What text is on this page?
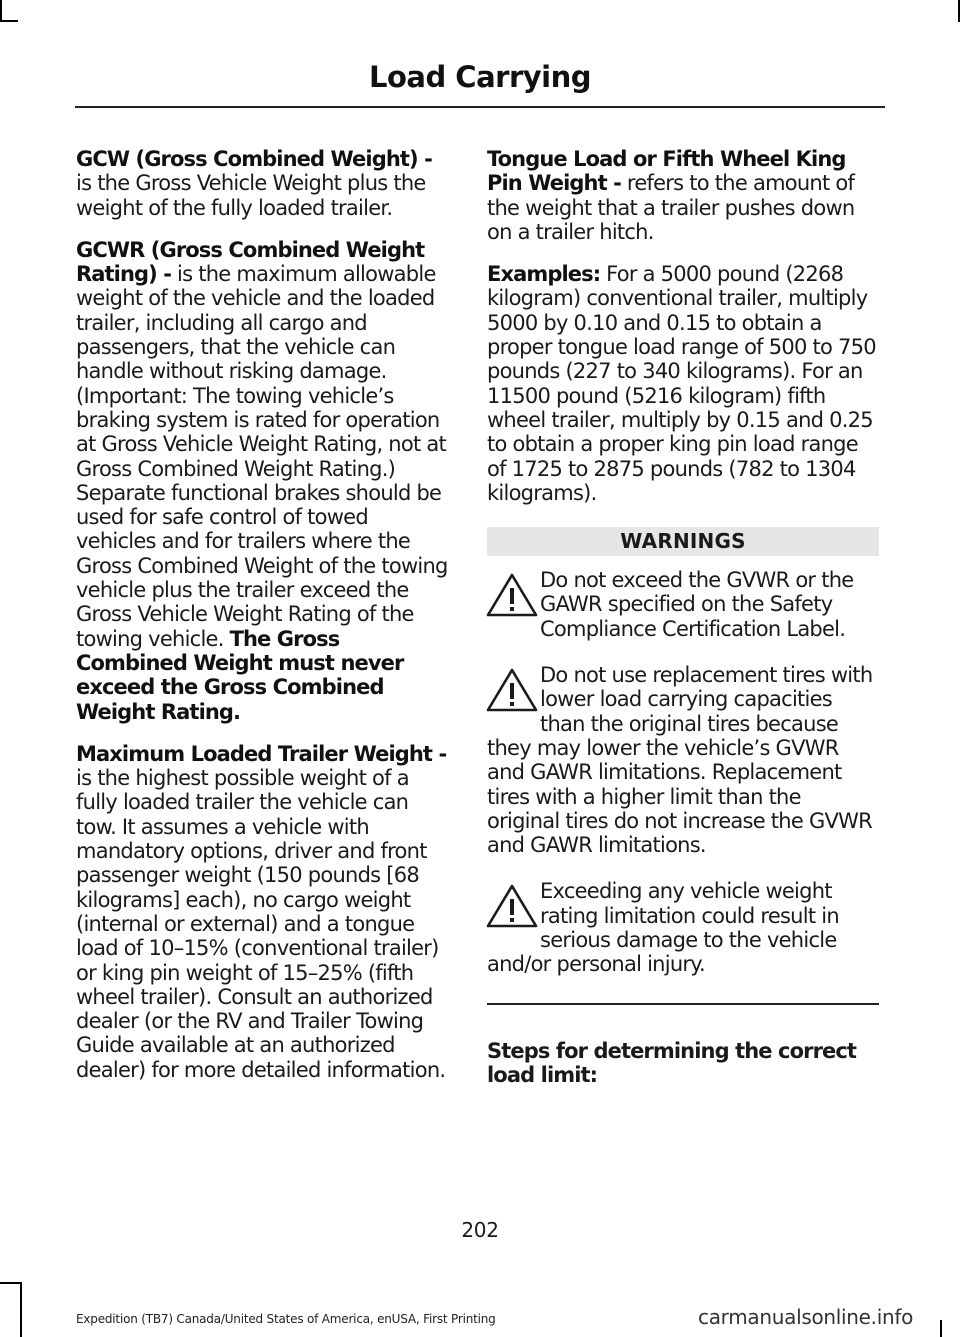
Load Carrying

GCW (Gross Combined Weight) - is the Gross Vehicle Weight plus the weight of the fully loaded trailer.

GCWR (Gross Combined Weight Rating) - is the maximum allowable weight of the vehicle and the loaded trailer, including all cargo and passengers, that the vehicle can handle without risking damage. (Important: The towing vehicle’s braking system is rated for operation at Gross Vehicle Weight Rating, not at Gross Combined Weight Rating.) Separate functional brakes should be used for safe control of towed vehicles and for trailers where the Gross Combined Weight of the towing vehicle plus the trailer exceed the Gross Vehicle Weight Rating of the towing vehicle. The Gross Combined Weight must never exceed the Gross Combined Weight Rating.

Maximum Loaded Trailer Weight - is the highest possible weight of a fully loaded trailer the vehicle can tow. It assumes a vehicle with mandatory options, driver and front passenger weight (150 pounds [68 kilograms] each), no cargo weight (internal or external) and a tongue load of 10–15% (conventional trailer) or king pin weight of 15–25% (fifth wheel trailer). Consult an authorized dealer (or the RV and Trailer Towing Guide available at an authorized dealer) for more detailed information.

Tongue Load or Fifth Wheel King Pin Weight - refers to the amount of the weight that a trailer pushes down on a trailer hitch.

Examples: For a 5000 pound (2268 kilogram) conventional trailer, multiply 5000 by 0.10 and 0.15 to obtain a proper tongue load range of 500 to 750 pounds (227 to 340 kilograms). For an 11500 pound (5216 kilogram) fifth wheel trailer, multiply by 0.15 and 0.25 to obtain a proper king pin load range of 1725 to 2875 pounds (782 to 1304 kilograms).

WARNINGS
Do not exceed the GVWR or the GAWR specified on the Safety Compliance Certification Label.
Do not use replacement tires with lower load carrying capacities than the original tires because they may lower the vehicle’s GVWR and GAWR limitations. Replacement tires with a higher limit than the original tires do not increase the GVWR and GAWR limitations.
Exceeding any vehicle weight rating limitation could result in serious damage to the vehicle and/or personal injury.
Steps for determining the correct load limit:
202
Expedition (TB7) Canada/United States of America, enUSA, First Printing	carmanualsonline.info
